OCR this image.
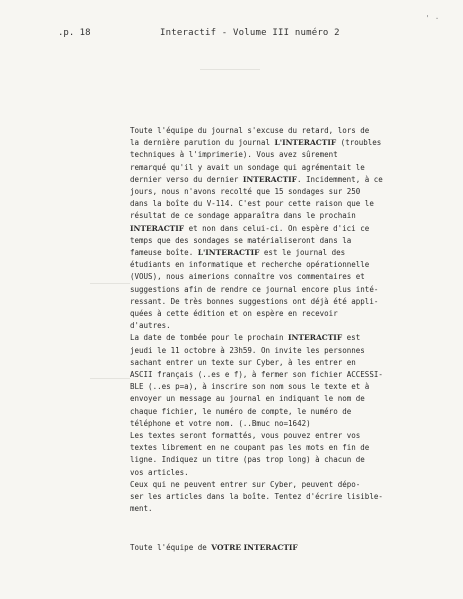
.p. 18	Interactif - Volume III numéro 2
' ·
Toute l'équipe du journal s'excuse du retard, lors de
la dernière parution du journal L'INTERACTIF (troubles
techniques à l'imprimerie). Vous avez sûrement
remarqué qu'il y avait un sondage qui agrémentait le
dernier verso du dernier INTERACTIF. Incidemment, à ce
jours, nous n'avons recolté que 15 sondages sur 250
dans la boîte du V-114. C'est pour cette raison que le
résultat de ce sondage apparaîtra dans le prochain
INTERACTIF et non dans celui-ci. On espère d'ici ce
temps que des sondages se matérialiseront dans la
fameuse boîte. L'INTERACTIF est le journal des
étudiants en informatique et recherche opérationnelle
(VOUS), nous aimerions connaître vos commentaires et
suggestions afin de rendre ce journal encore plus inté-
ressant. De très bonnes suggestions ont déjà été appli-
quées à cette édition et on espère en recevoir
d'autres.
La date de tombée pour le prochain INTERACTIF est
jeudi le 11 octobre à 23h59. On invite les personnes
sachant entrer un texte sur Cyber, à les entrer en
ASCII français (..es e f), à fermer son fichier ACCESSI-
BLE (..es p=a), à inscrire son nom sous le texte et à
envoyer un message au journal en indiquant le nom de
chaque fichier, le numéro de compte, le numéro de
téléphone et votre nom. (..Bmuc no=1642)
Les textes seront formattés, vous pouvez entrer vos
textes librement en ne coupant pas les mots en fin de
ligne. Indiquez un titre (pas trop long) à chacun de
vos articles.
Ceux qui ne peuvent entrer sur Cyber, peuvent dépo-
ser les articles dans la boîte. Tentez d'écrire lisible-
ment.
Toute l'équipe de VOTRE INTERACTIF
